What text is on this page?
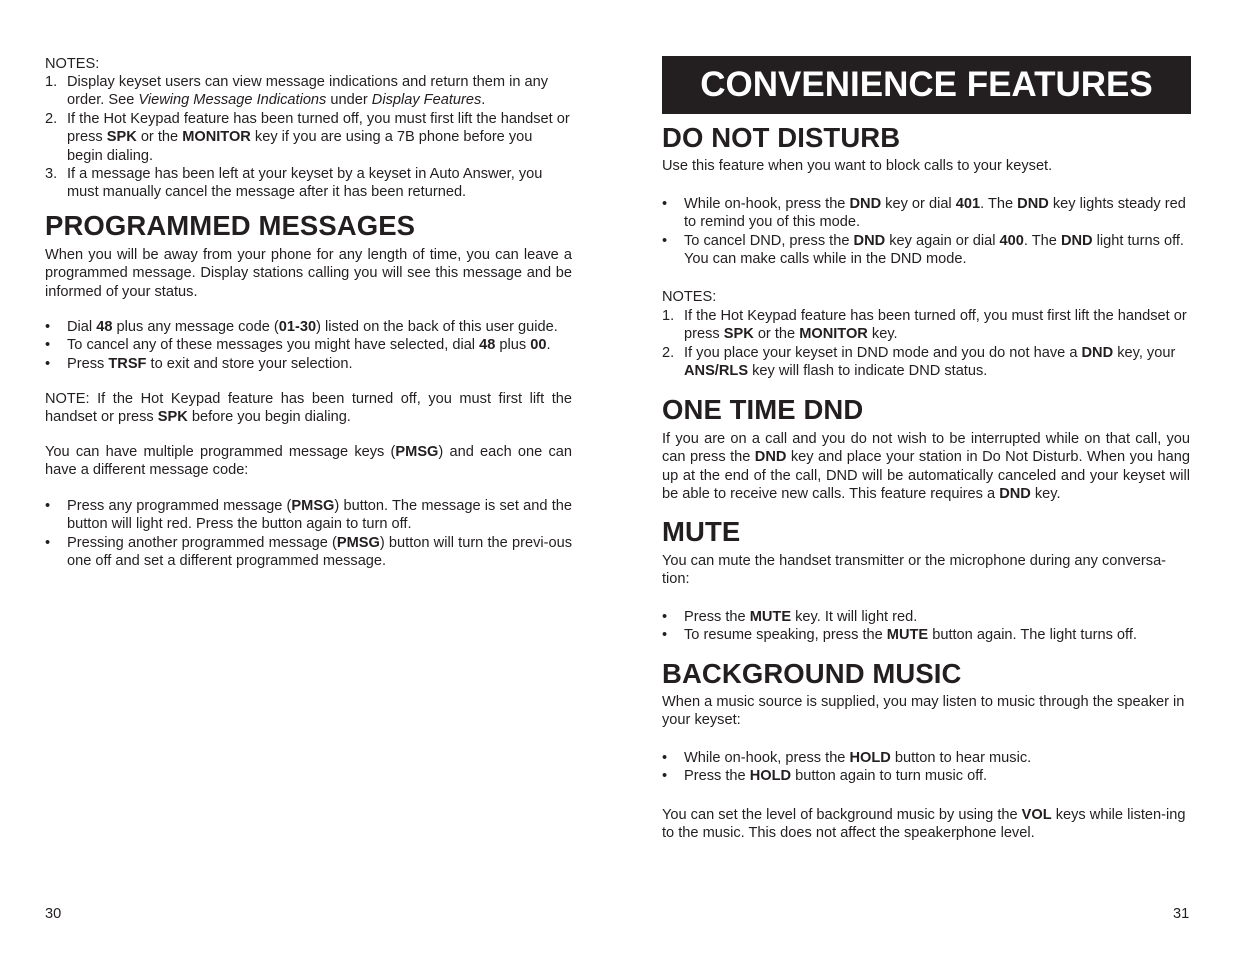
NOTES:

1. Display keyset users can view message indications and return them in any order. See Viewing Message Indications under Display Features.
2. If the Hot Keypad feature has been turned off, you must first lift the handset or press SPK or the MONITOR key if you are using a 7B phone before you begin dialing.
3. If a message has been left at your keyset by a keyset in Auto Answer, you must manually cancel the message after it has been returned.
PROGRAMMED MESSAGES

When you will be away from your phone for any length of time, you can leave a programmed message. Display stations calling you will see this message and be informed of your status.

• Dial 48 plus any message code (01-30) listed on the back of this user guide.
• To cancel any of these messages you might have selected, dial 48 plus 00.
• Press TRSF to exit and store your selection.

NOTE: If the Hot Keypad feature has been turned off, you must first lift the handset or press SPK before you begin dialing.

You can have multiple programmed message keys (PMSG) and each one can have a different message code:

• Press any programmed message (PMSG) button. The message is set and the button will light red. Press the button again to turn off.
• Pressing another programmed message (PMSG) button will turn the previ-ous one off and set a different programmed message.
30
CONVENIENCE FEATURES
DO NOT DISTURB

Use this feature when you want to block calls to your keyset.

• While on-hook, press the DND key or dial 401. The DND key lights steady red to remind you of this mode.
• To cancel DND, press the DND key again or dial 400. The DND light turns off. You can make calls while in the DND mode.

NOTES:

1. If the Hot Keypad feature has been turned off, you must first lift the handset or press SPK or the MONITOR key.
2. If you place your keyset in DND mode and you do not have a DND key, your ANS/RLS key will flash to indicate DND status.
ONE TIME DND

If you are on a call and you do not wish to be interrupted while on that call, you can press the DND key and place your station in Do Not Disturb. When you hang up at the end of the call, DND will be automatically canceled and your keyset will be able to receive new calls. This feature requires a DND key.

MUTE

You can mute the handset transmitter or the microphone during any conversa-tion:

• Press the MUTE key. It will light red.
• To resume speaking, press the MUTE button again. The light turns off.
BACKGROUND MUSIC

When a music source is supplied, you may listen to music through the speaker in your keyset:

• While on-hook, press the HOLD button to hear music.
• Press the HOLD button again to turn music off.

You can set the level of background music by using the VOL keys while listen-ing to the music. This does not affect the speakerphone level.

31
